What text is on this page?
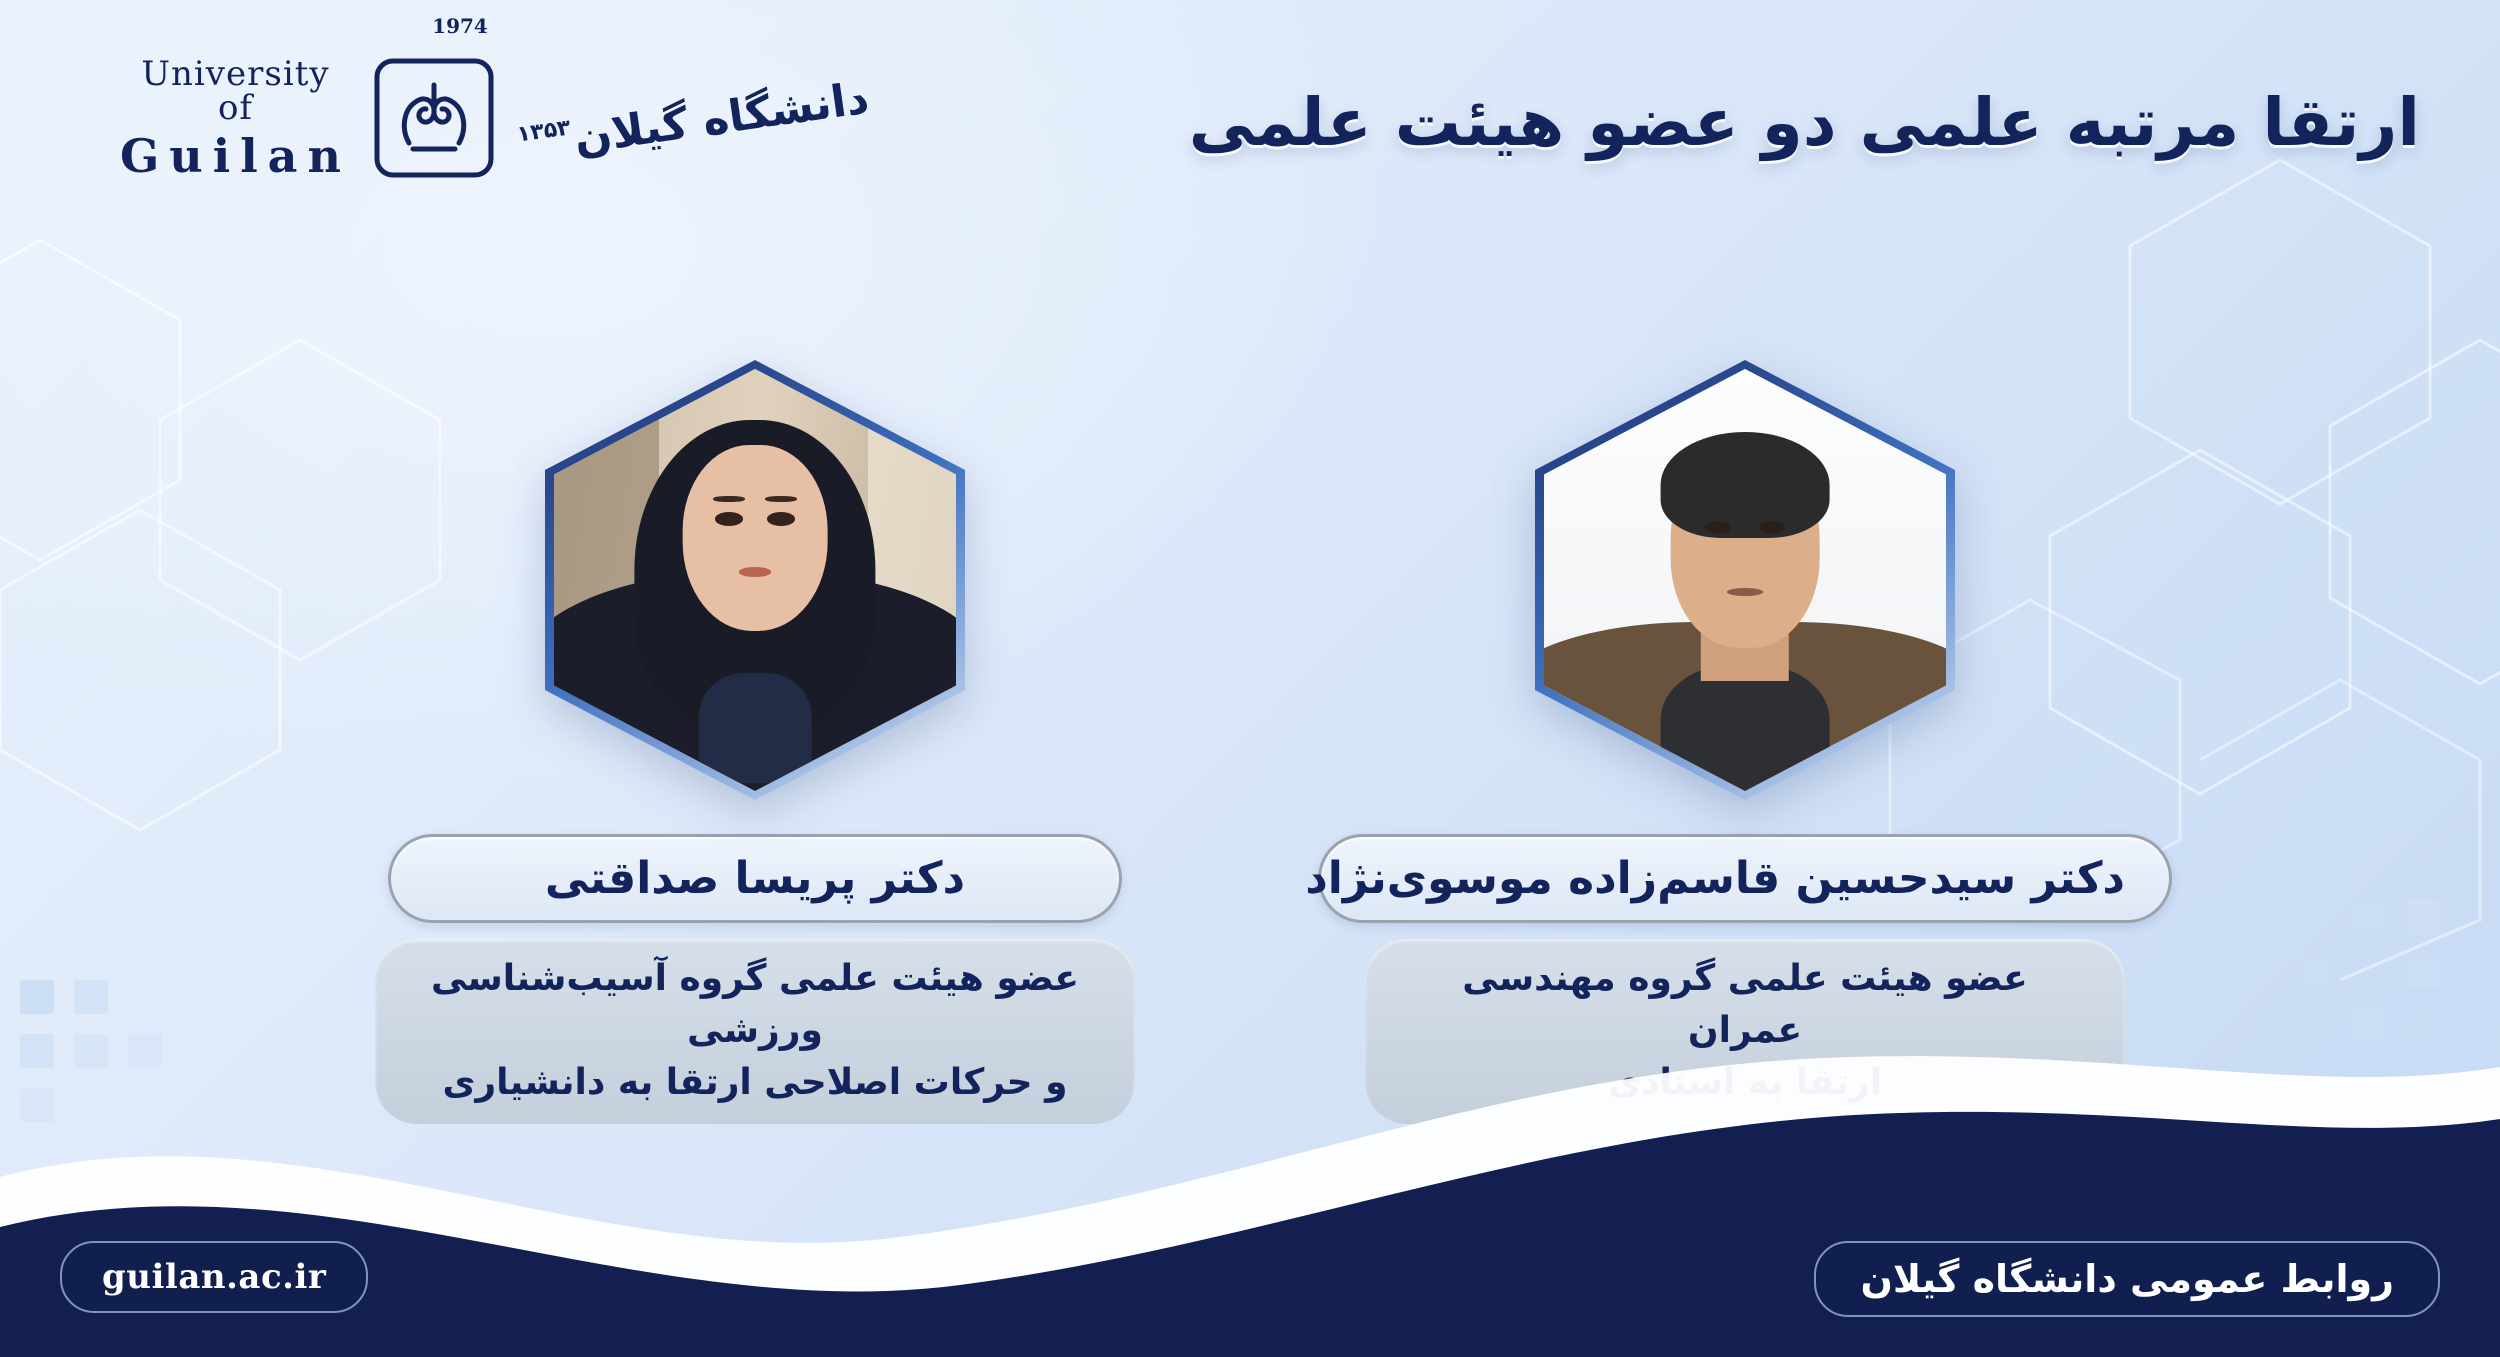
1974
University of
Guilan	۱۳۵۳
دانشگاه گیلان	ارتقا مرتبه علمی دو عضو هیئت علمی
دکتر سیدحسین قاسم‌زاده موسوی‌نژاد
عضو هیئت علمی گروه مهندسی عمران
دکتر پریسا صداقتی
عضو هیئت علمی گروه آسیب‌شناسی ورزشی
و حرکات اصلاحی ارتقا به دانشیاری
guilan.ac.ir	روابط عمومی دانشگاه گیلان
